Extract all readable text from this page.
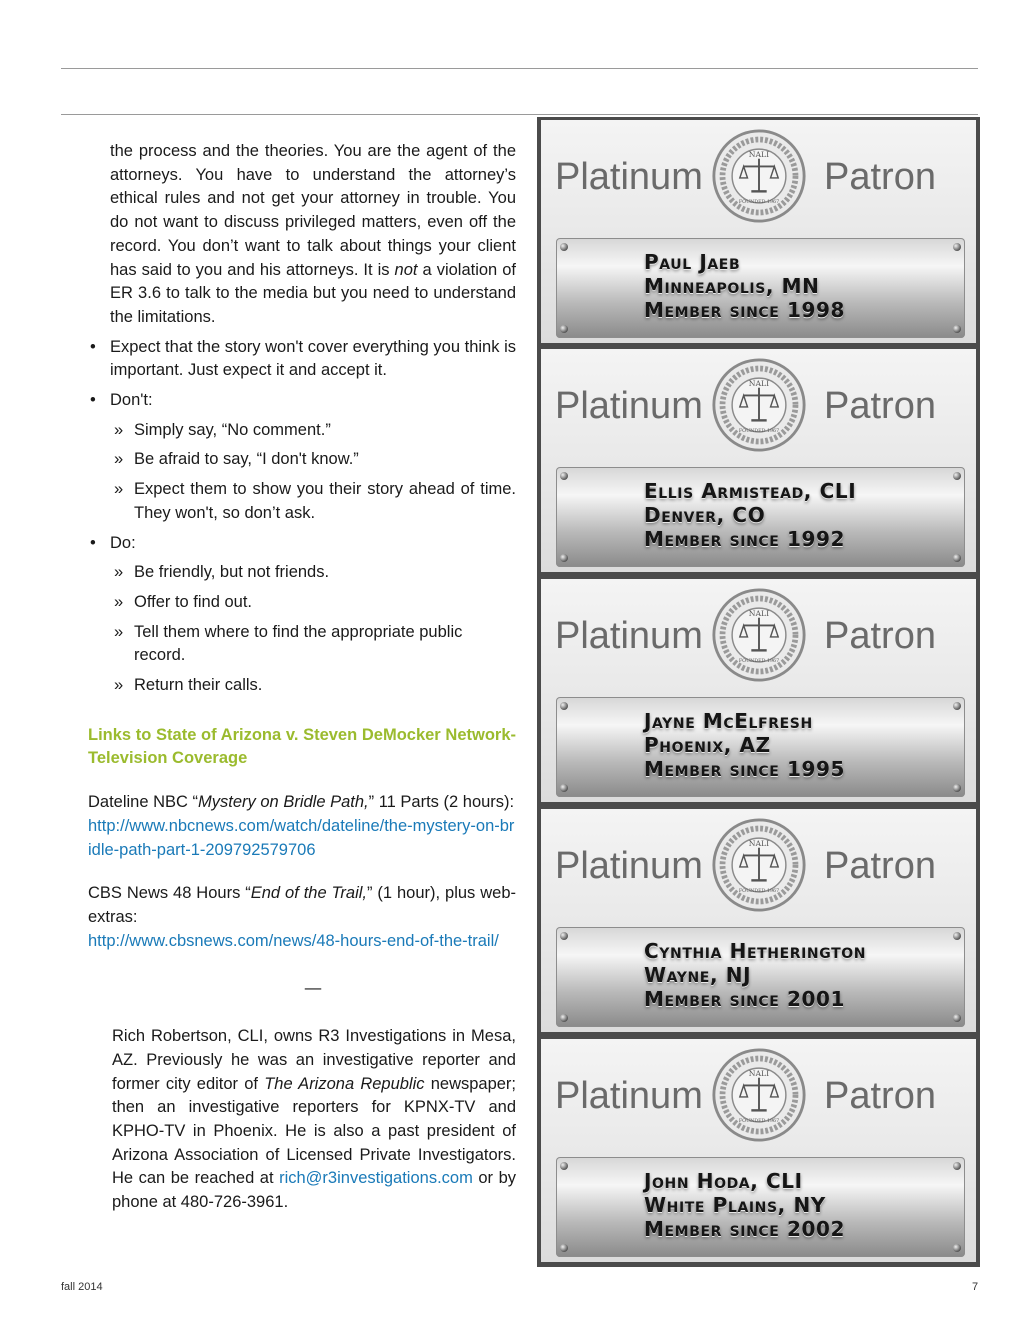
the process and the theories. You are the agent of the attorneys. You have to understand the attorney’s ethical rules and not get your attorney in trouble. You do not want to discuss privileged matters, even off the record. You don’t want to talk about things your client has said to you and his attorneys. It is not a violation of ER 3.6 to talk to the media but you need to understand the limitations.

• Expect that the story won't cover everything you think is important. Just expect it and accept it.
• Don't:
» Simply say, “No comment.”
» Be afraid to say, “I don't know.”
» Expect them to show you their story ahead of time. They won't, so don’t ask.
• Do:
» Be friendly, but not friends.
» Offer to find out.
» Tell them where to find the appropriate public record.
» Return their calls.

Links to State of Arizona v. Steven DeMocker Network-Television Coverage

Dateline NBC “Mystery on Bridle Path,” 11 Parts (2 hours):
http://www.nbcnews.com/watch/dateline/the-mystery-on-bridle-path-part-1-209792579706

CBS News 48 Hours “End of the Trail,” (1 hour), plus web-extras:
http://www.cbsnews.com/news/48-hours-end-of-the-trail/

—

Rich Robertson, CLI, owns R3 Investigations in Mesa, AZ. Previously he was an investigative reporter and former city editor of The Arizona Republic newspaper; then an investigative reporters for KPNX-TV and KPHO-TV in Phoenix. He is also a past president of Arizona Association of Licensed Private Investigators. He can be reached at rich@r3investigations.com or by phone at 480-726-3961.

fall 2014	7
Platinum
NALI
FOUNDED 1967
Patron
Paul Jaeb
Minneapolis, MN
Member since 1998
Platinum
NALI
FOUNDED 1967
Patron
Ellis Armistead, CLI
Denver, CO
Member since 1992
Platinum
NALI
FOUNDED 1967
Patron
Jayne McElfresh
Phoenix, AZ
Member since 1995
Platinum
NALI
FOUNDED 1967
Patron
Cynthia Hetherington
Wayne, NJ
Member since 2001
Platinum
NALI
FOUNDED 1967
Patron
John Hoda, CLI
White Plains, NY
Member since 2002
